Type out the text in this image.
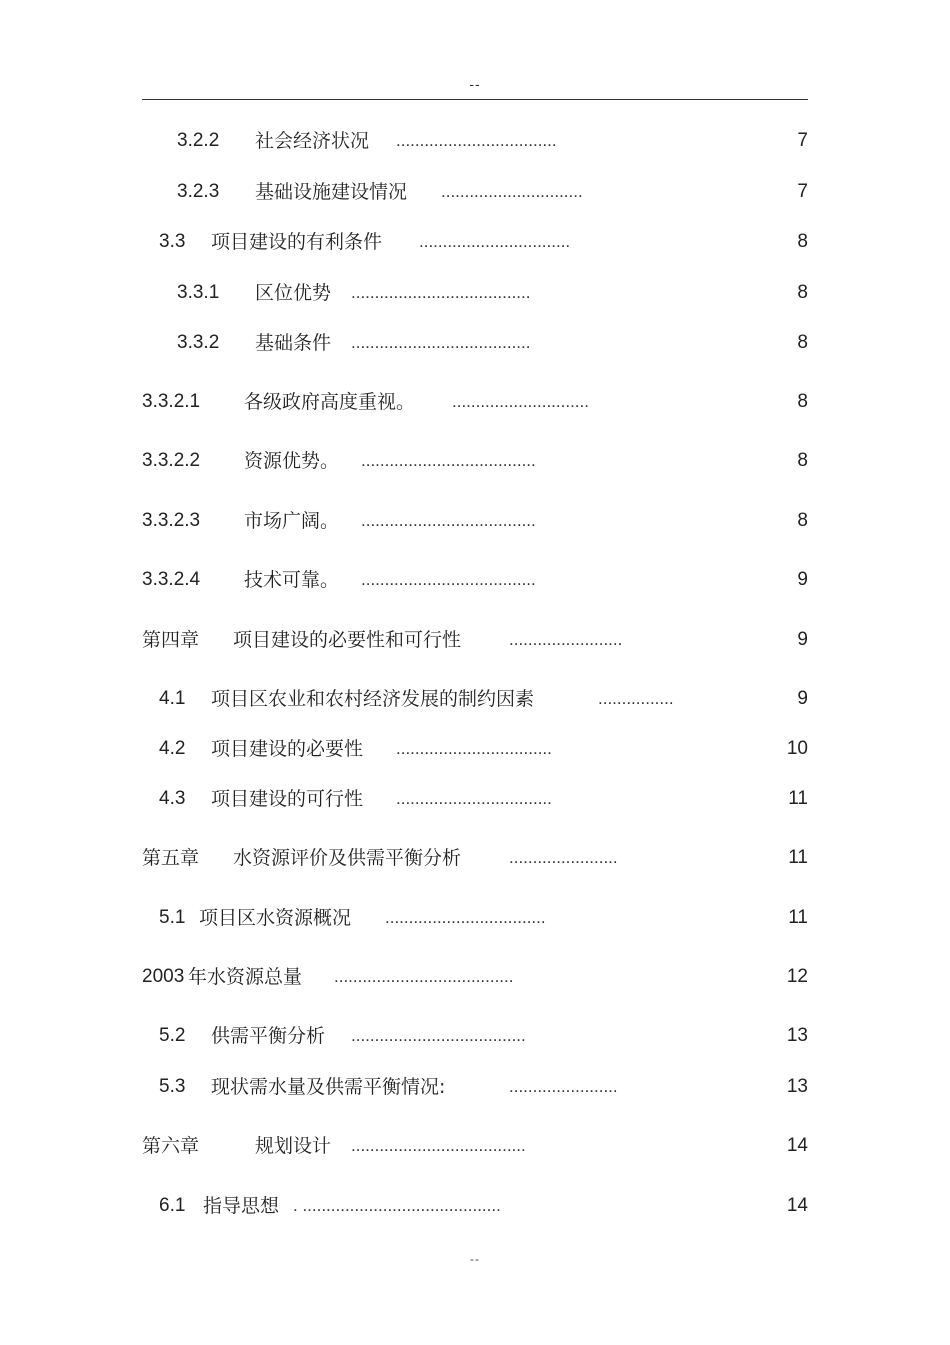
--
3.2.2 社会经济状况 ..................................	7
3.2.3 基础设施建设情况 ..............................	7
3.3 项目建设的有利条件 ................................	8
3.3.1 区位优势 ......................................	8
3.3.2 基础条件 ......................................	8
3.3.2.1 各级政府高度重视。 .............................	8
3.3.2.2 资源优势。 .....................................	8
3.3.2.3 市场广阔。 .....................................	8
3.3.2.4 技术可靠。 .....................................	9
第四章 项目建设的必要性和可行性	........................	9
4.1 项目区农业和农村经济发展的制约因素	................	9
4.2 项目建设的必要性 .................................	10
4.3 项目建设的可行性 .................................	11
第五章 水资源评价及供需平衡分析	.......................	11
5.1 项目区水资源概况 ..................................	11
2003 年水资源总量 ......................................	12
5.2 供需平衡分析 .....................................	13
5.3 现状需水量及供需平衡情况:	.......................	13
第六章	规划设计 .....................................	14
6.1 指导思想 . ..........................................	14
--
